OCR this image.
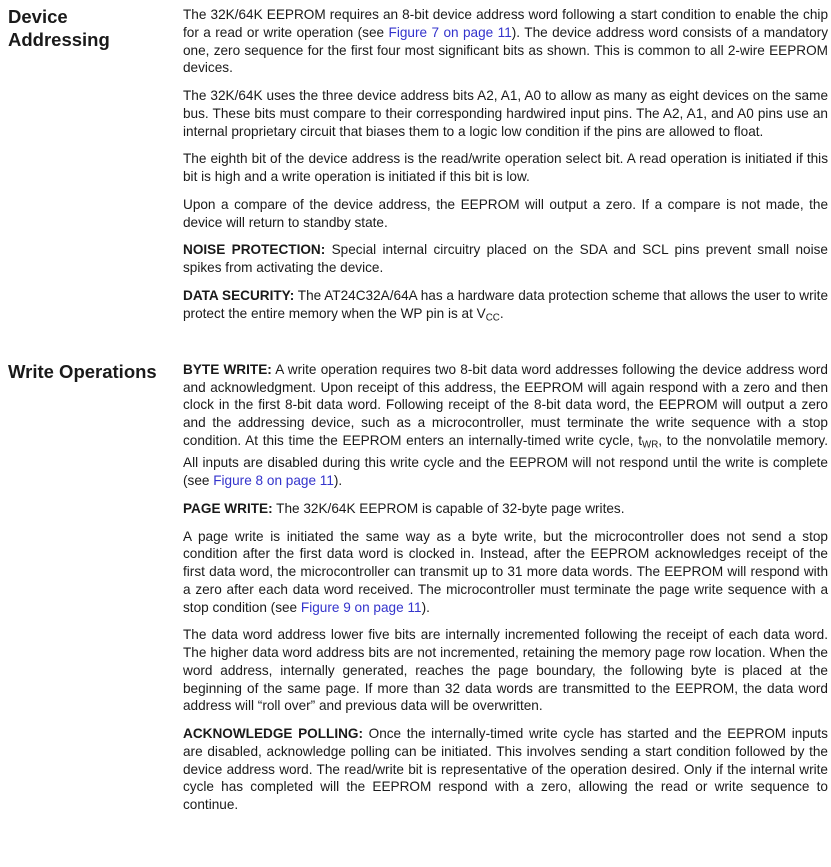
Device Addressing

The 32K/64K EEPROM requires an 8-bit device address word following a start condition to enable the chip for a read or write operation (see Figure 7 on page 11). The device address word consists of a mandatory one, zero sequence for the first four most significant bits as shown. This is common to all 2-wire EEPROM devices.

The 32K/64K uses the three device address bits A2, A1, A0 to allow as many as eight devices on the same bus. These bits must compare to their corresponding hardwired input pins. The A2, A1, and A0 pins use an internal proprietary circuit that biases them to a logic low condition if the pins are allowed to float.

The eighth bit of the device address is the read/write operation select bit. A read operation is initiated if this bit is high and a write operation is initiated if this bit is low.

Upon a compare of the device address, the EEPROM will output a zero. If a compare is not made, the device will return to standby state.

NOISE PROTECTION: Special internal circuitry placed on the SDA and SCL pins prevent small noise spikes from activating the device.

DATA SECURITY: The AT24C32A/64A has a hardware data protection scheme that allows the user to write protect the entire memory when the WP pin is at $V_{CC}$.

Write Operations BYTE WRITE: A write operation requires two 8-bit data word addresses following the device address word and acknowledgment. Upon receipt of this address, the EEPROM will again respond with a zero and then clock in the first 8-bit data word. Following receipt of the 8-bit data word, the EEPROM will output a zero and the addressing device, such as a microcontroller, must terminate the write sequence with a stop condition. At this time the EEPROM enters an internally-timed write cycle, $t_{WR}$, to the nonvolatile memory. All inputs are disabled during this write cycle and the EEPROM will not respond until the write is complete (see Figure 8 on page 11).

PAGE WRITE: The 32K/64K EEPROM is capable of 32-byte page writes.

A page write is initiated the same way as a byte write, but the microcontroller does not send a stop condition after the first data word is clocked in. Instead, after the EEPROM acknowledges receipt of the first data word, the microcontroller can transmit up to 31 more data words. The EEPROM will respond with a zero after each data word received. The microcontroller must terminate the page write sequence with a stop condition (see Figure 9 on page 11).

The data word address lower five bits are internally incremented following the receipt of each data word. The higher data word address bits are not incremented, retaining the memory page row location. When the word address, internally generated, reaches the page boundary, the following byte is placed at the beginning of the same page. If more than 32 data words are transmitted to the EEPROM, the data word address will “roll over” and previous data will be overwritten.

ACKNOWLEDGE POLLING: Once the internally-timed write cycle has started and the EEPROM inputs are disabled, acknowledge polling can be initiated. This involves sending a start condition followed by the device address word. The read/write bit is representative of the operation desired. Only if the internal write cycle has completed will the EEPROM respond with a zero, allowing the read or write sequence to continue.
